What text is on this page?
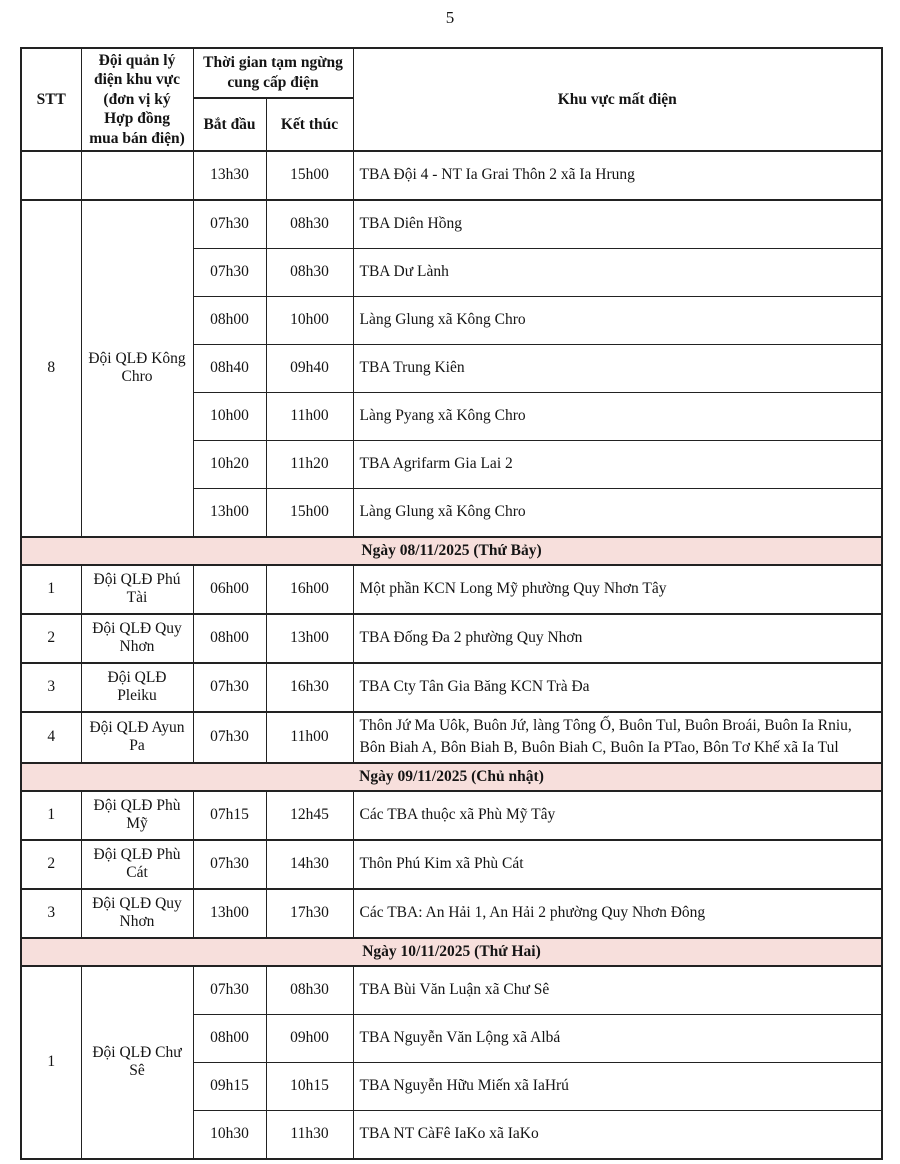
5
STT	Đội quản lý điện khu vực (đơn vị ký Hợp đồng mua bán điện)	Thời gian tạm ngừng cung cấp điện		Khu vực mất điện
		Bắt đầu	Kết thúc	
		13h30	15h00	TBA Đội 4 - NT Ia Grai Thôn 2 xã Ia Hrung
8	Đội QLĐ Kông Chro	07h30	08h30	TBA Diên Hồng
		07h30	08h30	TBA Dư Lành
		08h00	10h00	Làng Glung xã Kông Chro
		08h40	09h40	TBA Trung Kiên
		10h00	11h00	Làng Pyang xã Kông Chro
		10h20	11h20	TBA Agrifarm Gia Lai 2
		13h00	15h00	Làng Glung xã Kông Chro
Ngày 08/11/2025 (Thứ Bảy)				
1	Đội QLĐ Phú Tài	06h00	16h00	Một phần KCN Long Mỹ phường Quy Nhơn Tây
2	Đội QLĐ Quy Nhơn	08h00	13h00	TBA Đống Đa 2 phường Quy Nhơn
3	Đội QLĐ Pleiku	07h30	16h30	TBA Cty Tân Gia Băng KCN Trà Đa
4	Đội QLĐ Ayun Pa	07h30	11h00	Thôn Jứ Ma Uôk, Buôn Jứ, làng Tông Ố, Buôn Tul, Buôn Broái, Buôn Ia Rniu, Bôn Biah A, Bôn Biah B, Buôn Biah C, Buôn Ia PTao, Bôn Tơ Khế xã Ia Tul
Ngày 09/11/2025 (Chủ nhật)				
1	Đội QLĐ Phù Mỹ	07h15	12h45	Các TBA thuộc xã Phù Mỹ Tây
2	Đội QLĐ Phù Cát	07h30	14h30	Thôn Phú Kim xã Phù Cát
3	Đội QLĐ Quy Nhơn	13h00	17h30	Các TBA: An Hải 1, An Hải 2 phường Quy Nhơn Đông
Ngày 10/11/2025 (Thứ Hai)				
1	Đội QLĐ Chư Sê	07h30	08h30	TBA Bùi Văn Luận xã Chư Sê
		08h00	09h00	TBA Nguyễn Văn Lộng xã Albá
		09h15	10h15	TBA Nguyễn Hữu Miến xã IaHrú
		10h30	11h30	TBA NT CàFê IaKo xã IaKo
